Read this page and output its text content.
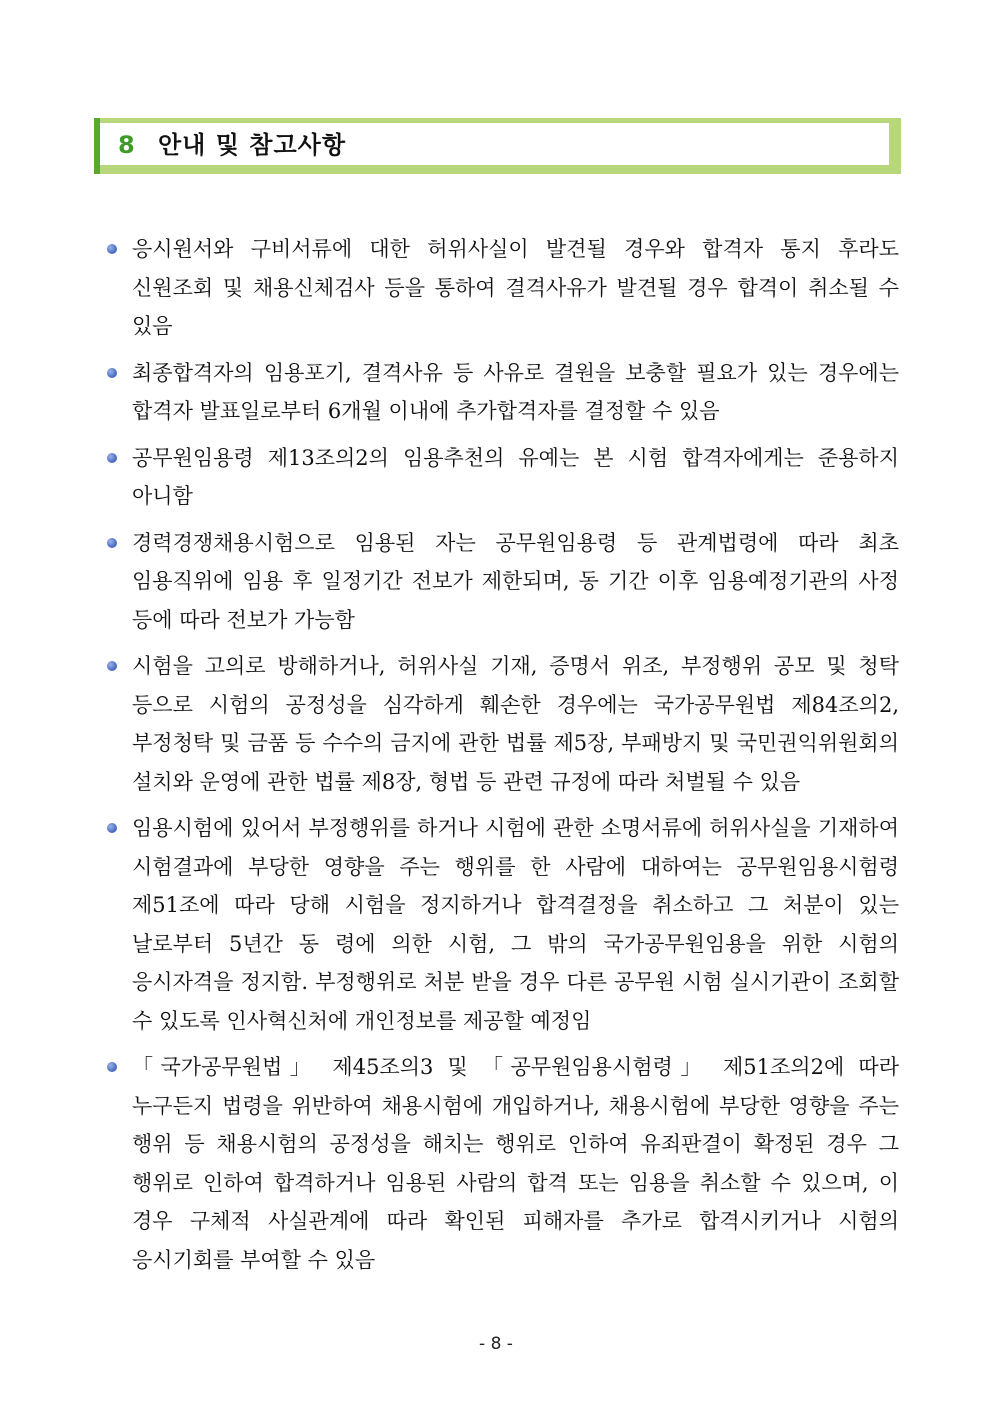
8 안내 및 참고사항
응시원서와 구비서류에 대한 허위사실이 발견될 경우와 합격자 통지 후라도 신원조회 및 채용신체검사 등을 통하여 결격사유가 발견될 경우 합격이 취소될 수 있음
최종합격자의 임용포기, 결격사유 등 사유로 결원을 보충할 필요가 있는 경우에는 합격자 발표일로부터 6개월 이내에 추가합격자를 결정할 수 있음
공무원임용령 제13조의2의 임용추천의 유예는 본 시험 합격자에게는 준용하지 아니함
경력경쟁채용시험으로 임용된 자는 공무원임용령 등 관계법령에 따라 최초 임용직위에 임용 후 일정기간 전보가 제한되며, 동 기간 이후 임용예정기관의 사정 등에 따라 전보가 가능함
시험을 고의로 방해하거나, 허위사실 기재, 증명서 위조, 부정행위 공모 및 청탁 등으로 시험의 공정성을 심각하게 훼손한 경우에는 국가공무원법 제84조의2, 부정청탁 및 금품 등 수수의 금지에 관한 법률 제5장, 부패방지 및 국민권익위원회의 설치와 운영에 관한 법률 제8장, 형법 등 관련 규정에 따라 처벌될 수 있음
임용시험에 있어서 부정행위를 하거나 시험에 관한 소명서류에 허위사실을 기재하여 시험결과에 부당한 영향을 주는 행위를 한 사람에 대하여는 공무원임용시험령 제51조에 따라 당해 시험을 정지하거나 합격결정을 취소하고 그 처분이 있는 날로부터 5년간 동 령에 의한 시험, 그 밖의 국가공무원임용을 위한 시험의 응시자격을 정지함. 부정행위로 처분 받을 경우 다른 공무원 시험 실시기관이 조회할 수 있도록 인사혁신처에 개인정보를 제공할 예정임
「국가공무원법」 제45조의3 및 「공무원임용시험령」 제51조의2에 따라 누구든지 법령을 위반하여 채용시험에 개입하거나, 채용시험에 부당한 영향을 주는 행위 등 채용시험의 공정성을 해치는 행위로 인하여 유죄판결이 확정된 경우 그 행위로 인하여 합격하거나 임용된 사람의 합격 또는 임용을 취소할 수 있으며, 이 경우 구체적 사실관계에 따라 확인된 피해자를 추가로 합격시키거나 시험의 응시기회를 부여할 수 있음
- 8 -
